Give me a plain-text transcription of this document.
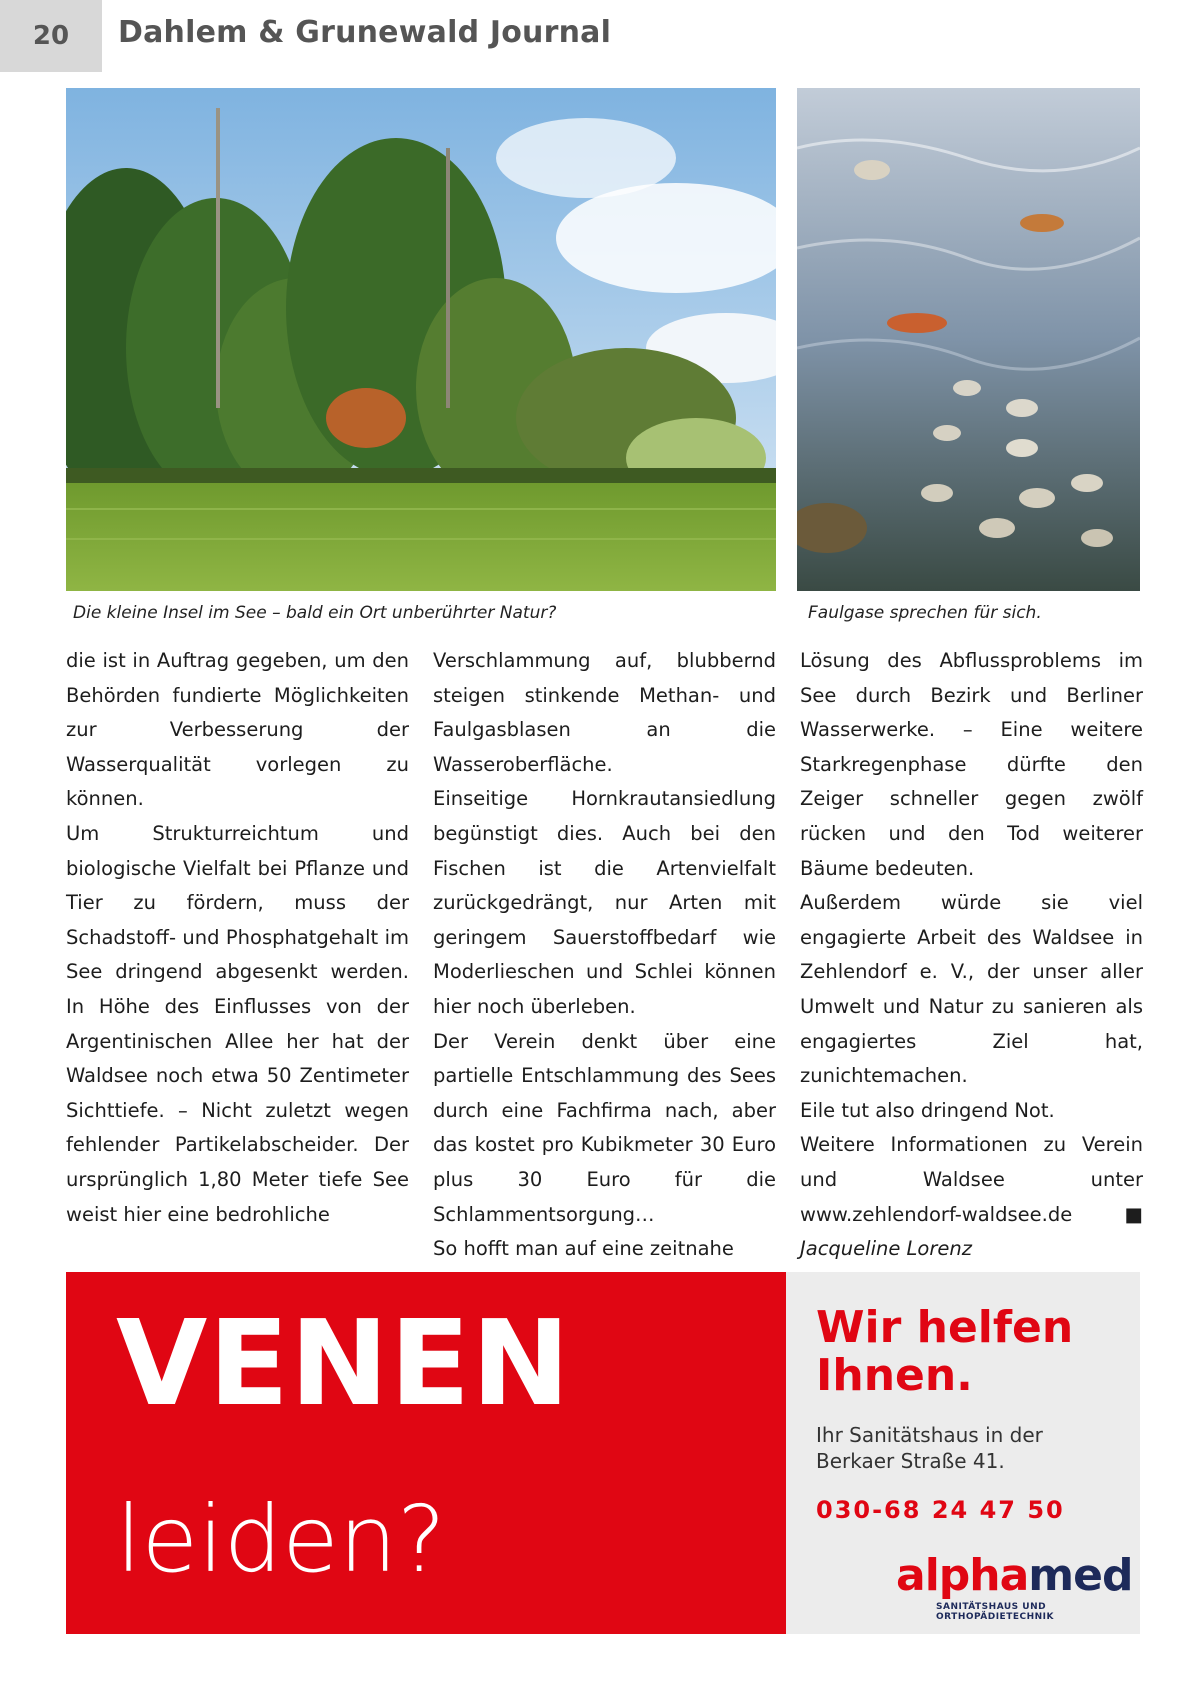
20	Dahlem & Grunewald Journal
Die kleine Insel im See – bald ein Ort unberührter Natur?	Faulgase sprechen für sich.

die ist in Auftrag gegeben, um den Behörden fundierte Möglichkeiten zur Verbesserung der Wasserqualität vorlegen zu können.

Um Strukturreichtum und biologische Vielfalt bei Pflanze und Tier zu fördern, muss der Schadstoff- und Phosphatgehalt im See dringend abgesenkt werden. In Höhe des Einflusses von der Argentinischen Allee her hat der Waldsee noch etwa 50 Zentimeter Sichttiefe. – Nicht zuletzt wegen fehlender Partikelabscheider. Der ursprünglich 1,80 Meter tiefe See weist hier eine bedrohliche

Verschlammung auf, blubbernd steigen stinkende Methan- und Faulgasblasen an die Wasseroberfläche.

Einseitige Hornkrautansiedlung begünstigt dies. Auch bei den Fischen ist die Artenvielfalt zurückgedrängt, nur Arten mit geringem Sauerstoffbedarf wie Moderlieschen und Schlei können hier noch überleben.

Der Verein denkt über eine partielle Entschlammung des Sees durch eine Fachfirma nach, aber das kostet pro Kubikmeter 30 Euro plus 30 Euro für die Schlammentsorgung…

So hofft man auf eine zeitnahe

Lösung des Abflussproblems im See durch Bezirk und Berliner Wasserwerke. – Eine weitere Starkregenphase dürfte den Zeiger schneller gegen zwölf rücken und den Tod weiterer Bäume bedeuten.

Außerdem würde sie viel engagierte Arbeit des Waldsee in Zehlendorf e. V., der unser aller Umwelt und Natur zu sanieren als engagiertes Ziel hat, zunichtemachen.

Eile tut also dringend Not.

Weitere Informationen zu Verein und Waldsee unter www.zehlendorf-waldsee.de	■

Jacqueline Lorenz

VENEN
leiden?
Wir helfen
Ihnen.
Ihr Sanitätshaus in der
Berkaer Straße 41.
030-68 24 47 50
alphamed
SANITÄTSHAUS UND ORTHOPÄDIETECHNIK
